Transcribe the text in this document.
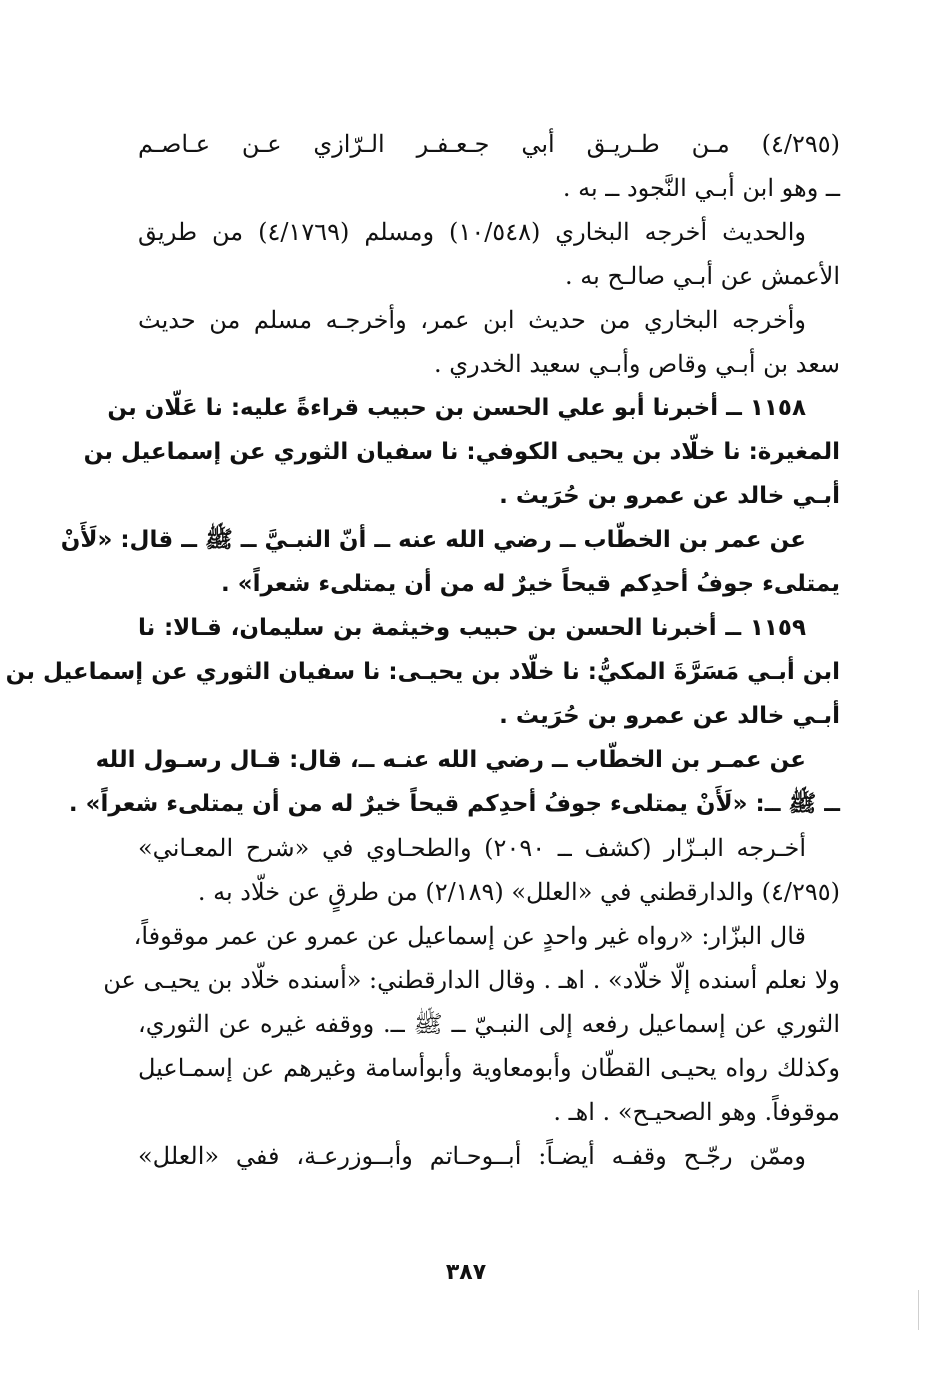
(٤/٢٩٥) مـن طـريـق أبي جـعـفـر الـرّازي عـن عـاصـم
ــ وهو ابن أبـي النَّجود ــ به .
والحديث أخرجه البخاري (١٠/٥٤٨) ومسلم (٤/١٧٦٩) من طريق
الأعمش عن أبـي صالـح به .
وأخرجه البخاري من حديث ابن عمر، وأخرجـه مسلم من حديث
سعد بن أبـي وقاص وأبـي سعيد الخدري .
١١٥٨ ــ أخبرنا أبو علي الحسن بن حبيب قراءةً عليه: نا عَلّان بن
المغيرة: نا خلّاد بن يحيى الكوفي: نا سفيان الثوري عن إسماعيل بن
أبـي خالد عن عمرو بن حُرَيث .
عن عمر بن الخطّاب ــ رضي الله عنه ــ أنّ النبـيَّ ــ ﷺ ــ قال: «لَأَنْ
يمتلىء جوفُ أحدِكم قيحاً خيرٌ له من أن يمتلىء شعراً» .
١١٥٩ ــ أخبرنا الحسن بن حبيب وخيثمة بن سليمان، قـالا: نا
ابن أبـي مَسَرَّةَ المكيُّ: نا خلّاد بن يحيـى: نا سفيان الثوري عن إسماعيل بن
أبـي خالد عن عمرو بن حُرَيث .
عن عمـر بن الخطّاب ــ رضي الله عنـه ــ، قال: قـال رسـول الله
ــ ﷺ ــ: «لَأَنْ يمتلىء جوفُ أحدِكم قيحاً خيرٌ له من أن يمتلىء شعراً» .
أخـرجه البـزّار (كشف ــ ٢٠٩٠) والطحـاوي في «شرح المعـاني»
(٤/٢٩٥) والدارقطني في «العلل» (٢/١٨٩) من طرقٍ عن خلّاد به .
قال البزّار: «رواه غير واحدٍ عن إسماعيل عن عمرو عن عمر موقوفاً،
ولا نعلم أسنده إلّا خلّاد» . اهـ . وقال الدارقطني: «أسنده خلّاد بن يحيـى عن
الثوري عن إسماعيل رفعه إلى النبـيّ ــ ﷺ ــ. ووقفه غيره عن الثوري،
وكذلك رواه يحيـى القطّان وأبومعاوية وأبوأسامة وغيرهم عن إسمـاعيل
موقوفاً. وهو الصحيـح» . اهـ .
وممّن رجّـح وقفـه أيضـاً: أبــوحـاتم وأبــوزرعـة، ففي «العلل»
٣٨٧
